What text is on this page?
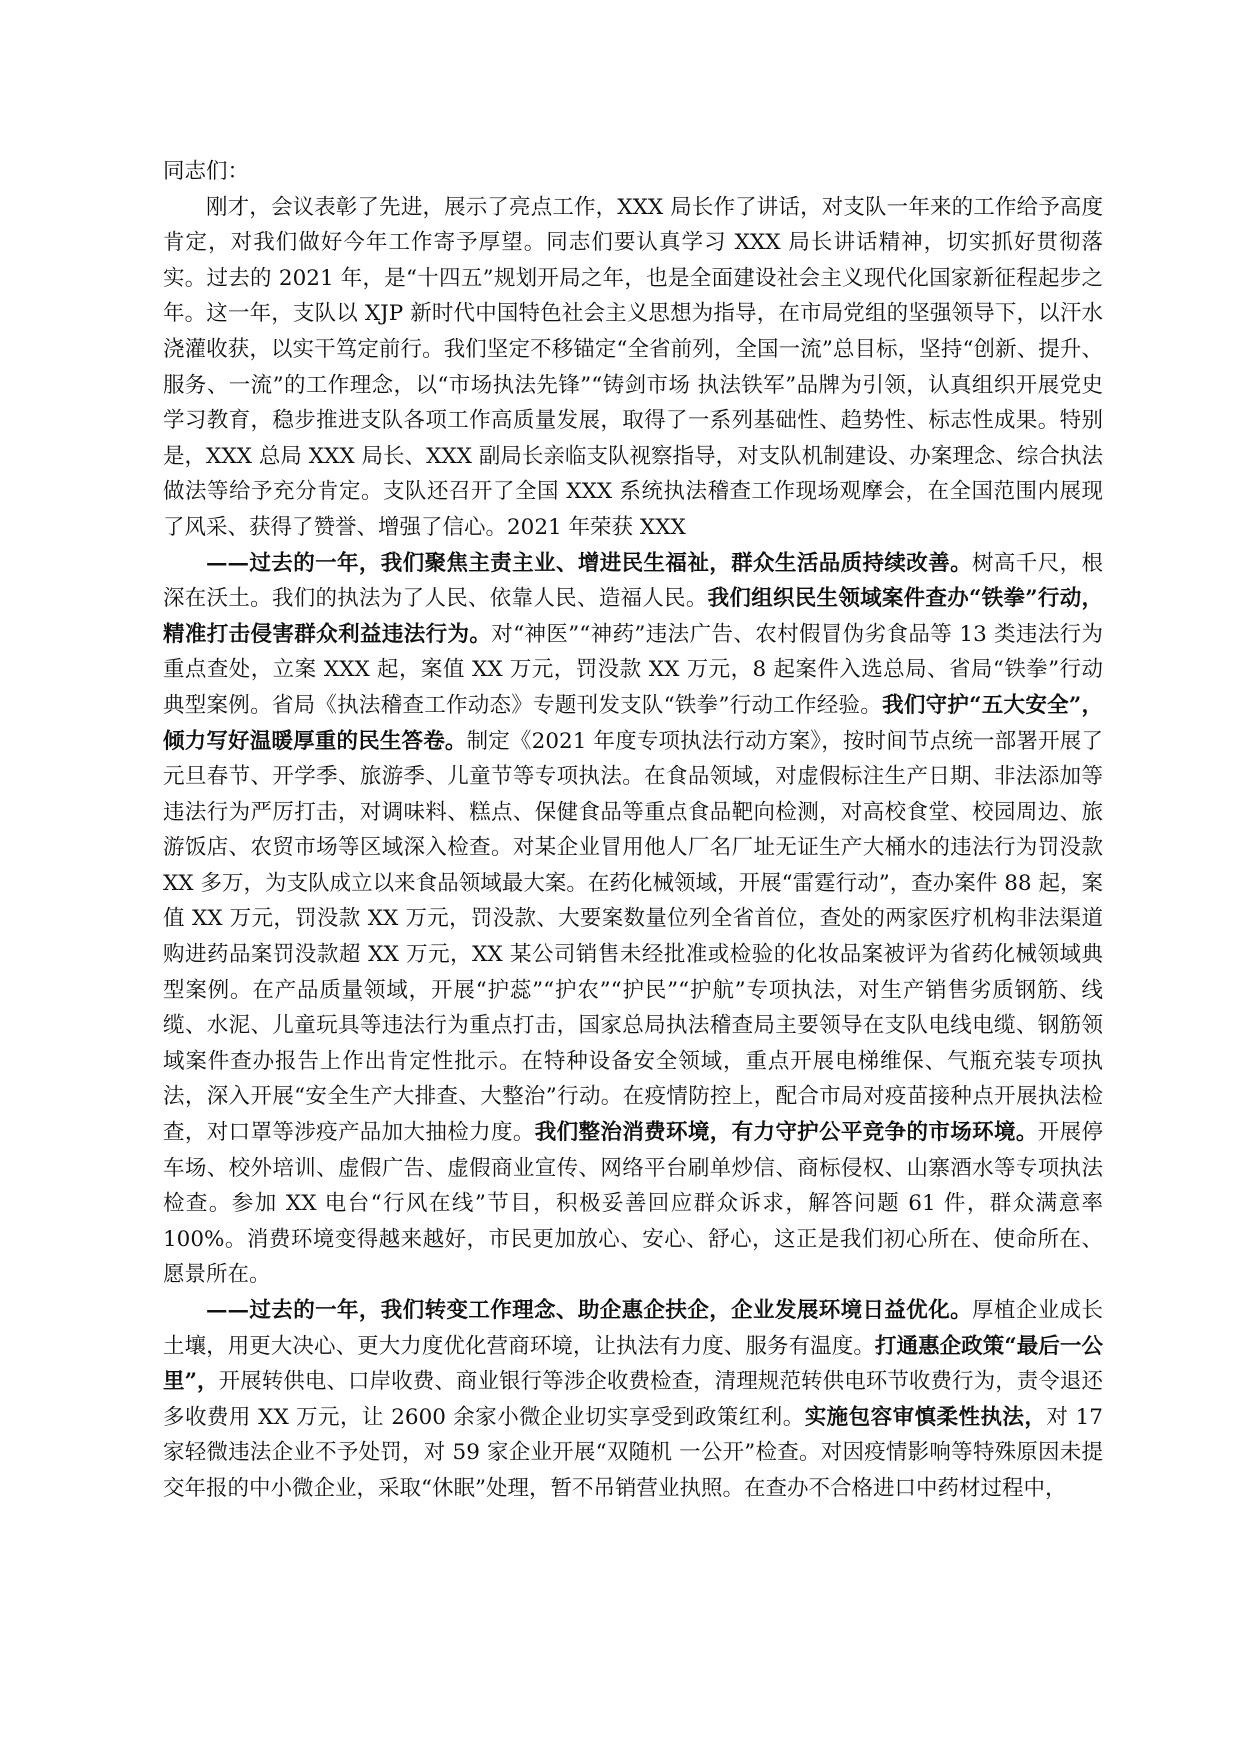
同志们：

刚才，会议表彰了先进，展示了亮点工作，XXX 局长作了讲话，对支队一年来的工作给予高度肯定，对我们做好今年工作寄予厚望。同志们要认真学习 XXX 局长讲话精神，切实抓好贯彻落实。过去的 2021 年，是“十四五”规划开局之年，也是全面建设社会主义现代化国家新征程起步之年。这一年，支队以 XJP 新时代中国特色社会主义思想为指导，在市局党组的坚强领导下，以汗水浇灌收获，以实干笃定前行。我们坚定不移锚定“全省前列，全国一流”总目标，坚持“创新、提升、服务、一流”的工作理念，以“市场执法先锋”“铸剑市场 执法铁军”品牌为引领，认真组织开展党史学习教育，稳步推进支队各项工作高质量发展，取得了一系列基础性、趋势性、标志性成果。特别是，XXX 总局 XXX 局长、XXX 副局长亲临支队视察指导，对支队机制建设、办案理念、综合执法做法等给予充分肯定。支队还召开了全国 XXX 系统执法稽查工作现场观摩会，在全国范围内展现了风采、获得了赞誉、增强了信心。2021 年荣获 XXX

——过去的一年，我们聚焦主责主业、增进民生福祉，群众生活品质持续改善。树高千尺，根深在沃土。我们的执法为了人民、依靠人民、造福人民。我们组织民生领域案件查办“铁拳”行动，精准打击侵害群众利益违法行为。对“神医”“神药”违法广告、农村假冒伪劣食品等 13 类违法行为重点查处，立案 XXX 起，案值 XX 万元，罚没款 XX 万元，8 起案件入选总局、省局“铁拳”行动典型案例。省局《执法稽查工作动态》专题刊发支队“铁拳”行动工作经验。我们守护“五大安全”，倾力写好温暖厚重的民生答卷。制定《2021 年度专项执法行动方案》，按时间节点统一部署开展了元旦春节、开学季、旅游季、儿童节等专项执法。在食品领域，对虚假标注生产日期、非法添加等违法行为严厉打击，对调味料、糕点、保健食品等重点食品靶向检测，对高校食堂、校园周边、旅游饭店、农贸市场等区域深入检查。对某企业冒用他人厂名厂址无证生产大桶水的违法行为罚没款 XX 多万，为支队成立以来食品领域最大案。在药化械领域，开展“雷霆行动”，查办案件 88 起，案值 XX 万元，罚没款 XX 万元，罚没款、大要案数量位列全省首位，查处的两家医疗机构非法渠道购进药品案罚没款超 XX 万元，XX 某公司销售未经批准或检验的化妆品案被评为省药化械领域典型案例。在产品质量领域，开展“护蕊”“护农”“护民”“护航”专项执法，对生产销售劣质钢筋、线缆、水泥、儿童玩具等违法行为重点打击，国家总局执法稽查局主要领导在支队电线电缆、钢筋领域案件查办报告上作出肯定性批示。在特种设备安全领域，重点开展电梯维保、气瓶充装专项执法，深入开展“安全生产大排查、大整治”行动。在疫情防控上，配合市局对疫苗接种点开展执法检查，对口罩等涉疫产品加大抽检力度。我们整治消费环境，有力守护公平竞争的市场环境。开展停车场、校外培训、虚假广告、虚假商业宣传、网络平台刷单炒信、商标侵权、山寨酒水等专项执法检查。参加 XX 电台“行风在线”节目，积极妥善回应群众诉求，解答问题 61 件，群众满意率 100%。消费环境变得越来越好，市民更加放心、安心、舒心，这正是我们初心所在、使命所在、愿景所在。

——过去的一年，我们转变工作理念、助企惠企扶企，企业发展环境日益优化。厚植企业成长土壤，用更大决心、更大力度优化营商环境，让执法有力度、服务有温度。打通惠企政策“最后一公里”，开展转供电、口岸收费、商业银行等涉企收费检查，清理规范转供电环节收费行为，责令退还多收费用 XX 万元，让 2600 余家小微企业切实享受到政策红利。实施包容审慎柔性执法，对 17 家轻微违法企业不予处罚，对 59 家企业开展“双随机 一公开”检查。对因疫情影响等特殊原因未提交年报的中小微企业，采取“休眠”处理，暂不吊销营业执照。在查办不合格进口中药材过程中，
